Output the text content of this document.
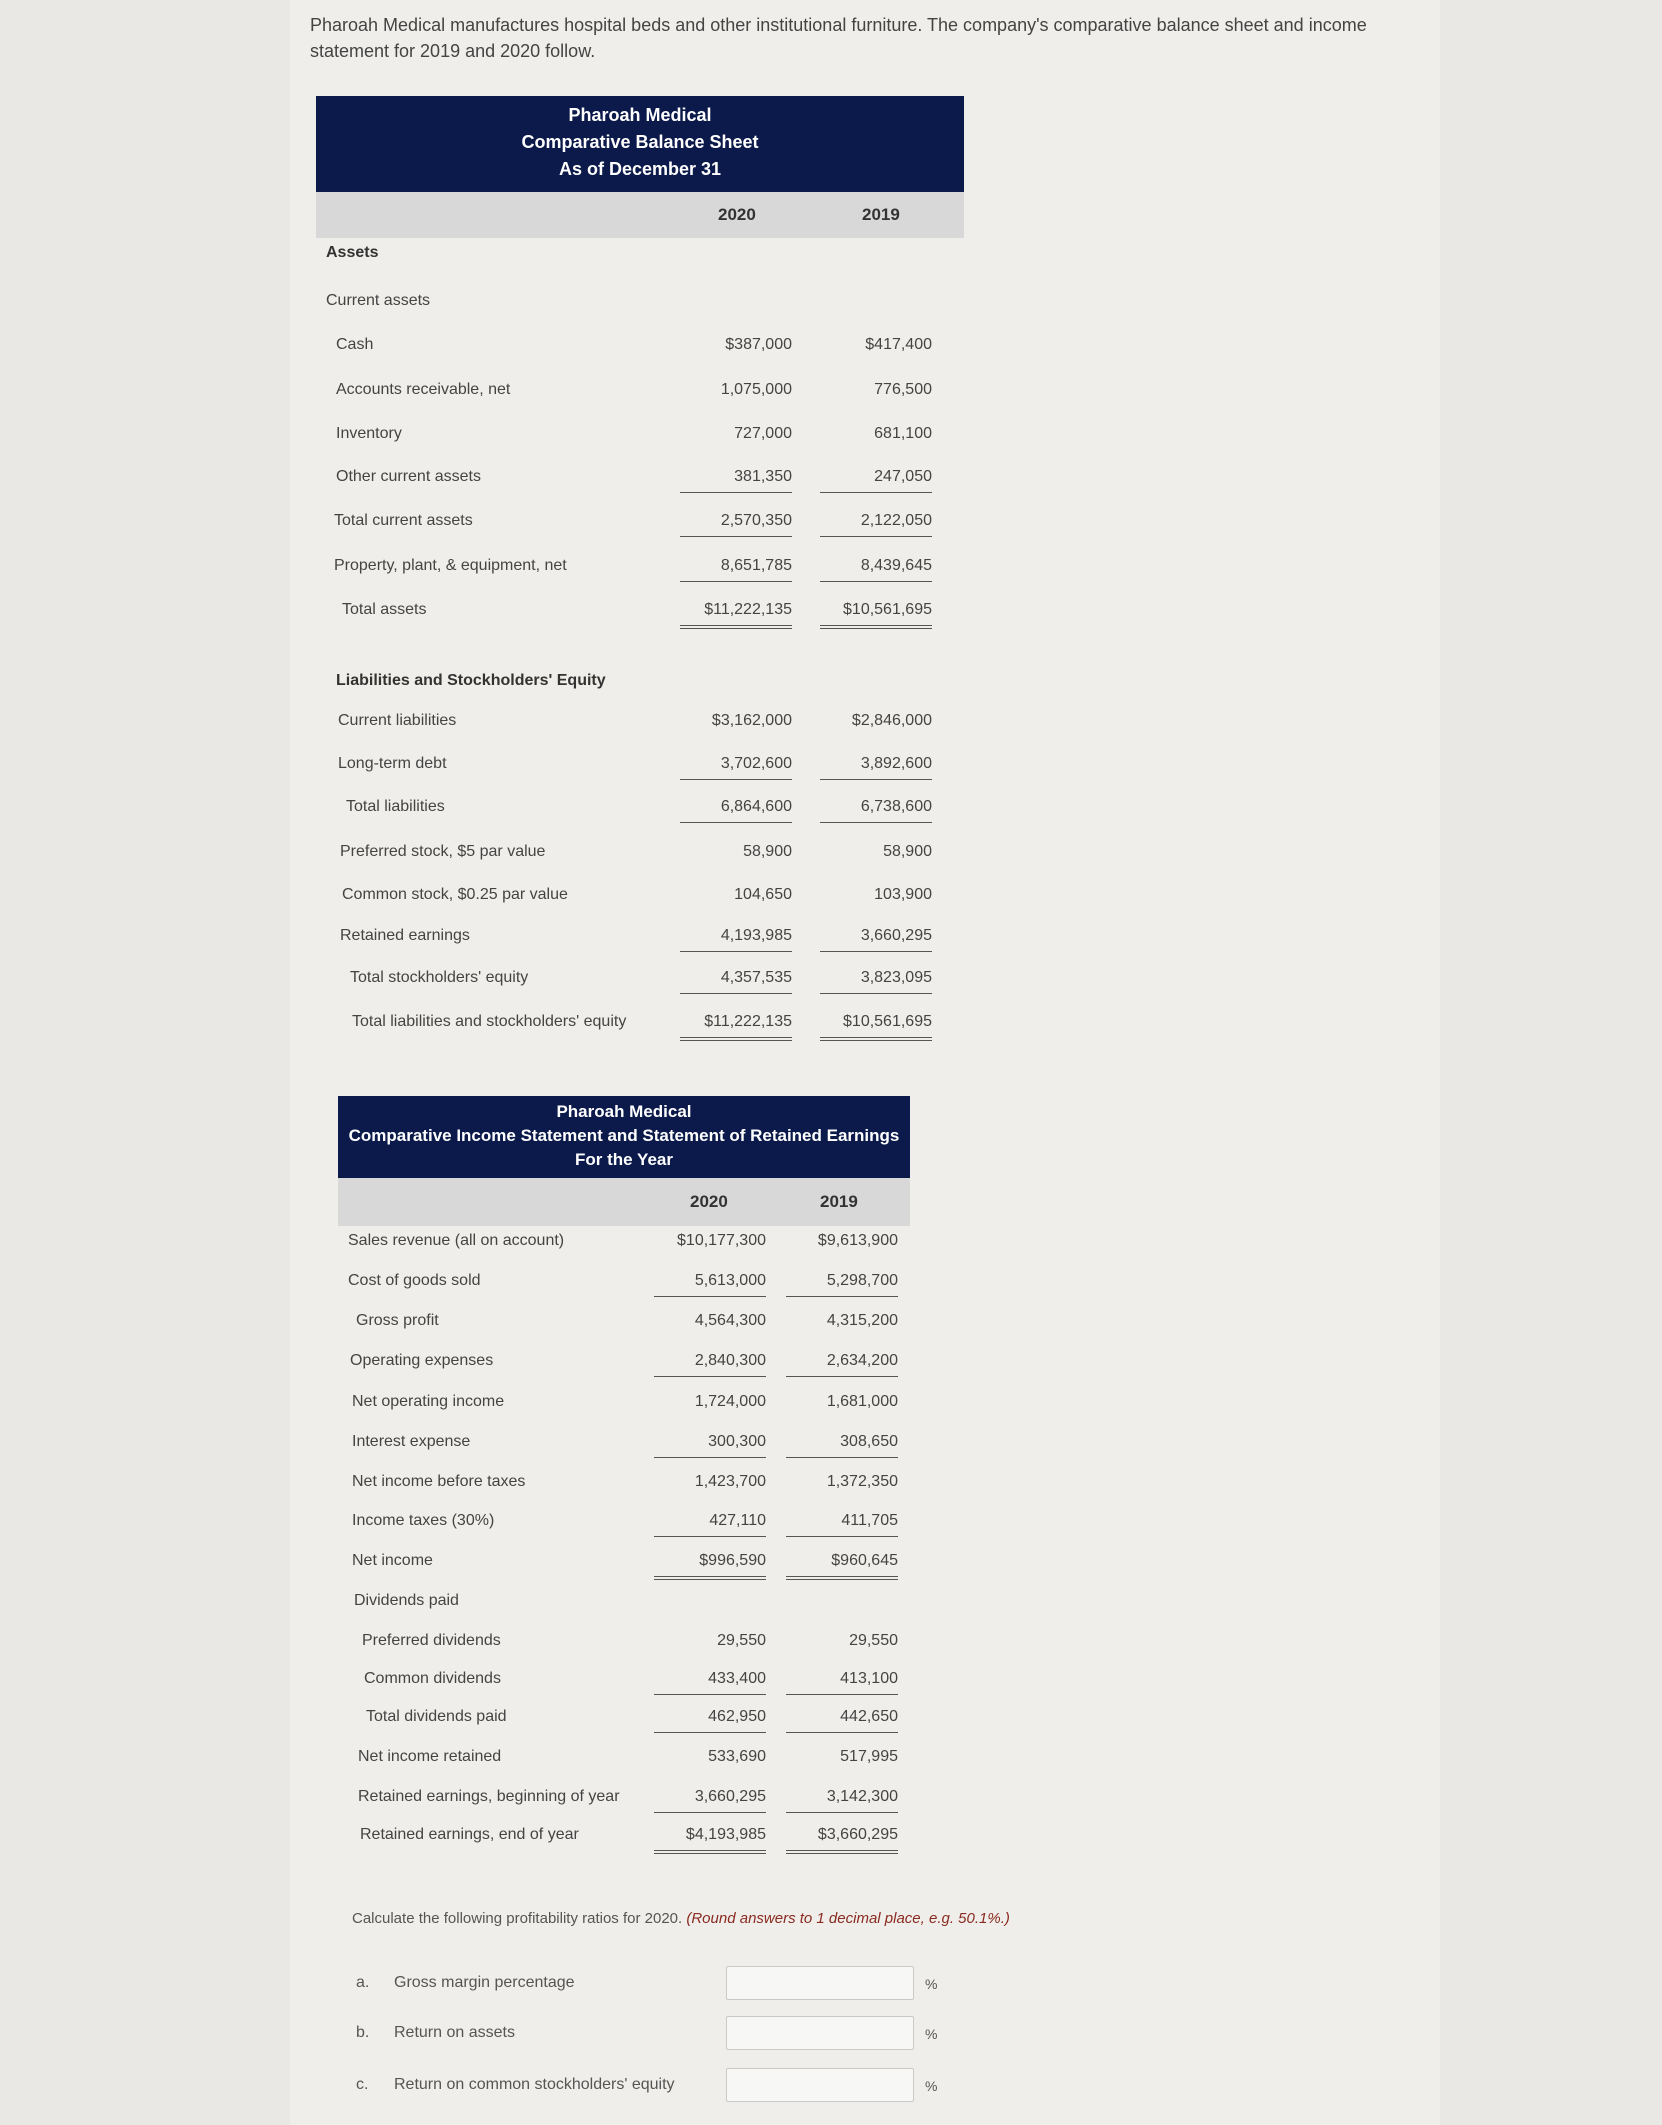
Pharoah Medical manufactures hospital beds and other institutional furniture. The company's comparative balance sheet and income statement for 2019 and 2020 follow.
Pharoah Medical
Comparative Balance Sheet
As of December 31
2020	2019
Assets
Current assets
Cash	$387,000	$417,400
Accounts receivable, net	1,075,000	776,500
Inventory	727,000	681,100
Other current assets	381,350	247,050
Total current assets	2,570,350	2,122,050
Property, plant, & equipment, net	8,651,785	8,439,645
Total assets	$11,222,135	$10,561,695
Liabilities and Stockholders' Equity
Current liabilities	$3,162,000	$2,846,000
Long-term debt	3,702,600	3,892,600
Total liabilities	6,864,600	6,738,600
Preferred stock, $5 par value	58,900	58,900
Common stock, $0.25 par value	104,650	103,900
Retained earnings	4,193,985	3,660,295
Total stockholders' equity	4,357,535	3,823,095
Total liabilities and stockholders' equity	$11,222,135	$10,561,695
Pharoah Medical
Comparative Income Statement and Statement of Retained Earnings
For the Year
2020	2019
Sales revenue (all on account)	$10,177,300	$9,613,900
Cost of goods sold	5,613,000	5,298,700
Gross profit	4,564,300	4,315,200
Operating expenses	2,840,300	2,634,200
Net operating income	1,724,000	1,681,000
Interest expense	300,300	308,650
Net income before taxes	1,423,700	1,372,350
Income taxes (30%)	427,110	411,705
Net income	$996,590	$960,645
Dividends paid
Preferred dividends	29,550	29,550
Common dividends	433,400	413,100
Total dividends paid	462,950	442,650
Net income retained	533,690	517,995
Retained earnings, beginning of year	3,660,295	3,142,300
Retained earnings, end of year	$4,193,985	$3,660,295
Calculate the following profitability ratios for 2020. (Round answers to 1 decimal place, e.g. 50.1%.)
a. Gross margin percentage	%
b. Return on assets	%
c. Return on common stockholders' equity	%
